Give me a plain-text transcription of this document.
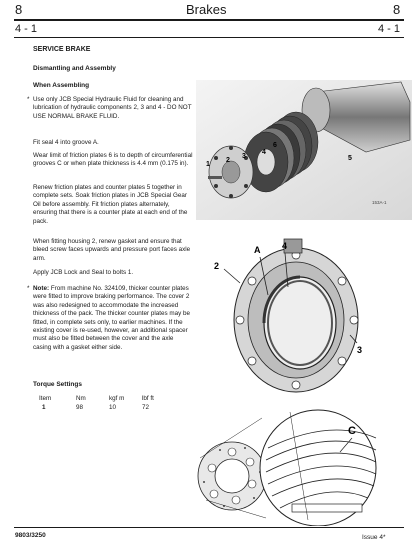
8	Brakes	8
4 - 1	4 - 1
SERVICE BRAKE
Dismantling and Assembly
When Assembling
* Use only JCB Special Hydraulic Fluid for cleaning and lubrication of hydraulic components 2, 3 and 4 - DO NOT USE NORMAL BRAKE FLUID.
Fit seal 4 into groove A.
Wear limit of friction plates 6 is to depth of circumferential grooves C or when plate thickness is 4.4 mm (0.175 in).
Renew friction plates and counter plates 5 together in complete sets. Soak friction plates in JCB Special Gear Oil before assembly. Fit friction plates alternately, ensuring that there is a counter plate at each end of the pack.
When fitting housing 2, renew gasket and ensure that bleed screw faces upwards and pressure port faces axle arm.
Apply JCB Lock and Seal to bolts 1.
* Note: From machine No. 324109, thicker counter plates were fitted to improve braking performance. The cover 2 was also redesigned to accommodate the increased thickness of the pack. The thicker counter plates may be fitted, in complete sets only, to earlier machines. If the existing cover is re-used, however, an additional spacer must also be fitted between the cover and the axle casing with a gasket either side.
Torque Settings
Item	Nm	kgf m	lbf ft
1	98	10	72
1
2
3
4
5
6
153A-1
A 4
2
3
C
9803/3250	Issue 4*
